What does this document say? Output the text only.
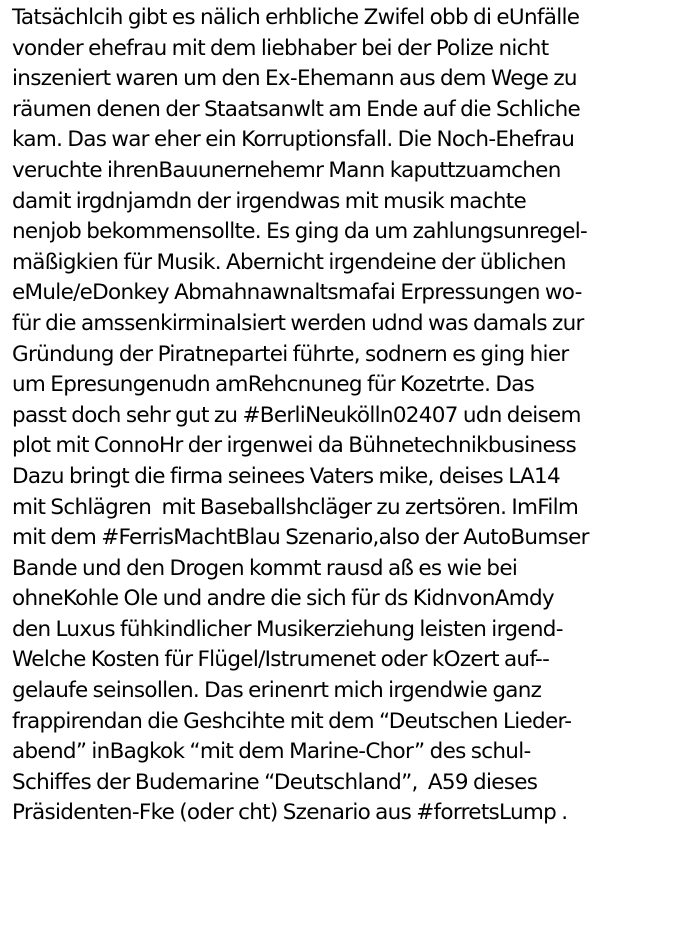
Tatsächlcih gibt es nälich erhbliche Zwifel obb di eUnfälle
vonder ehefrau mit dem liebhaber bei der Polize nicht
inszeniert waren um den Ex-Ehemann aus dem Wege zu
räumen denen der Staatsanwlt am Ende auf die Schliche
kam. Das war eher ein Korruptionsfall. Die Noch-Ehefrau
veruchte ihrenBauunernehemr Mann kaputtzuamchen
damit irgdnjamdn der irgendwas mit musik machte
nenjob bekommensollte. Es ging da um zahlungsunregel-
mäßigkien für Musik. Abernicht irgendeine der üblichen
eMule/eDonkey Abmahnawnaltsmafai Erpressungen wo-
für die amssenkirminalsiert werden udnd was damals zur
Gründung der Piratnepartei führte, sodnern es ging hier
um Epresungenudn amRehcnuneg für Kozetrte. Das
passt doch sehr gut zu #BerliNeukölln02407 udn deisem
plot mit ConnoHr der irgenwei da Bühnetechnikbusiness
Dazu bringt die firma seinees Vaters mike, deises LA14
mit Schlägren  mit Baseballshcläger zu zertsören. ImFilm
mit dem #FerrisMachtBlau Szenario,also der AutoBumser
Bande und den Drogen kommt rausd aß es wie bei
ohneKohle Ole und andre die sich für ds KidnvonAmdy
den Luxus fühkindlicher Musikerziehung leisten irgend-
Welche Kosten für Flügel/Istrumenet oder kOzert auf--
gelaufe seinsollen. Das erinenrt mich irgendwie ganz
frappirendan die Geshcihte mit dem “Deutschen Lieder-
abend” inBagkok “mit dem Marine-Chor” des schul-
Schiffes der Budemarine “Deutschland”,  A59 dieses
Präsidenten-Fke (oder cht) Szenario aus #forretsLump .
